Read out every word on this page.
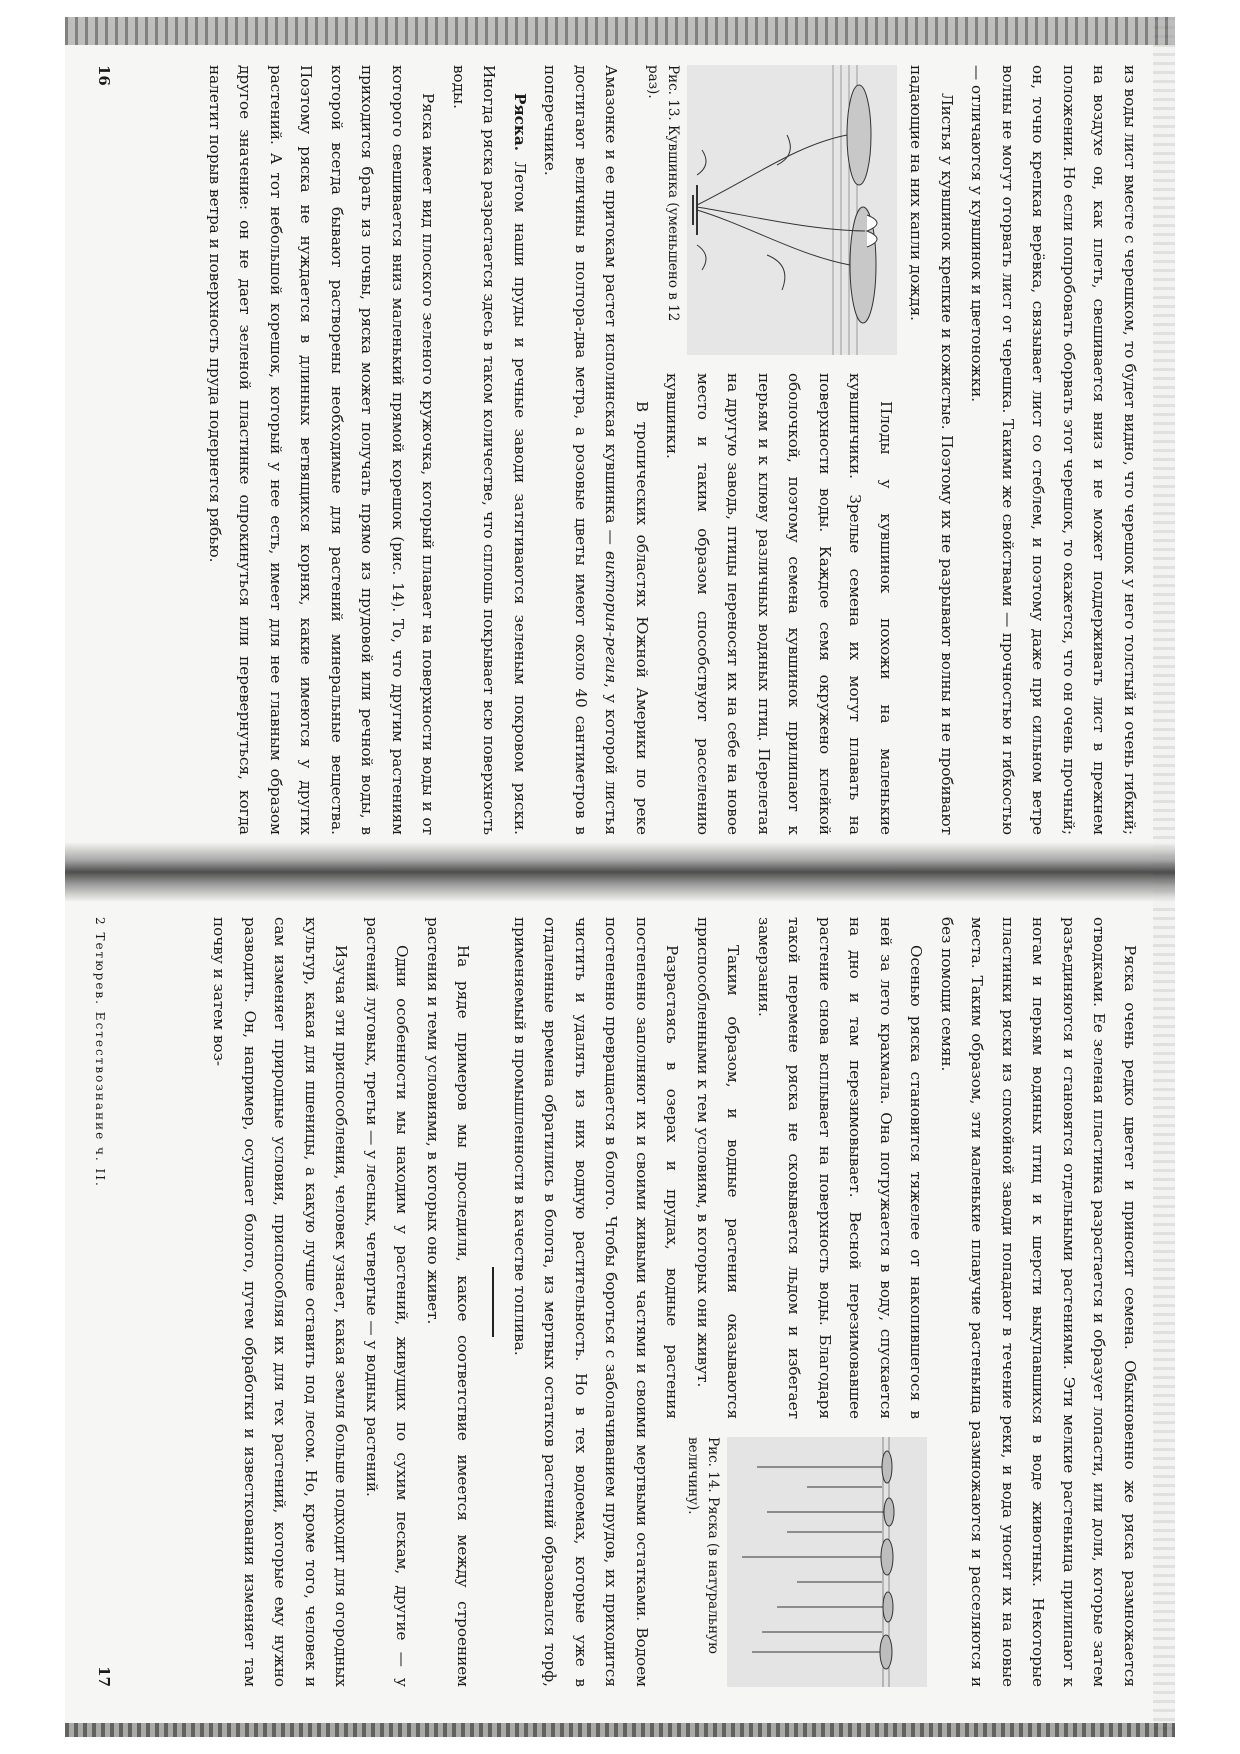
из воды лист вместе с черешком, то будет видно, что черешок у него толстый и очень гибкий; на воздухе он, как плеть, свешивается вниз и не может поддерживать лист в прежнем положении. Но если попробовать оборвать этот черешок, то окажется, что он очень прочный; он, точно крепкая верёвка, связывает лист со стеблем, и поэтому даже при сильном ветре волны не могут оторвать лист от черешка. Такими же свойствами — прочностью и гибкостью — отличаются у кувшинок и цветоножки.

Листья у кувшинок крепкие и кожистые. Поэтому их не разрывают волны и не пробивают падающие на них капли дождя.

Рис. 13. Кувшинка (уменьшено в 12 раз).

Плоды у кувшинок похожи на маленькие кувшинчики. Зрелые семена их могут плавать на поверхности воды. Каждое семя окружено клейкой оболочкой, поэтому семена кувшинок прилипают к перьям и к клюву различных водяных птиц. Перелетая на другую заводь, птицы переносят их на себе на новое место и таким образом способствуют расселению кувшинки.

В тропических областях Южной Америки по реке Амазонке и ее притокам растет исполинская кувшинка — виктория-регия, у которой листья достигают величины в полтора-два метра, а розовые цветы имеют около 40 сантиметров в поперечнике.

Ряска. Летом наши пруды и речные заводи затягиваются зеленым покровом ряски. Иногда ряска разрастается здесь в таком количестве, что сплошь покрывает всю поверхность воды.

Ряска имеет вид плоского зеленого кружочка, который плавает на поверхности воды и от которого свешивается вниз маленький прямой корешок (рис. 14). То, что другим растениям приходится брать из почвы, ряска может получать прямо из прудовой или речной воды, в которой всегда бывают растворены необходимые для растений минеральные вещества. Поэтому ряска не нуждается в длинных ветвящихся корнях, какие имеются у других растений. А тот небольшой корешок, который у нее есть, имеет для нее главным образом другое значение: он не дает зеленой пластинке опрокинуться или перевернуться, когда налетит порыв ветра и поверхность пруда подернется рябью.

16

Ряска очень редко цветет и приносит семена. Обыкновенно же ряска размножается отводками. Ее зеленая пластинка разрастается и образует лопасти, или доли, которые затем разъединяются и становятся отдельными растениями. Эти мелкие растеньица прилипают к ногам и перьям водяных птиц и к шерсти выкупавшихся в воде животных. Некоторые пластинки ряски из спокойной заводи попадают в течение реки, и вода уносит их на новые места. Таким образом, эти маленькие плавучие растеньица размножаются и расселяются и без помощи семян.

Рис. 14. Ряска (в натуральную величину).

Осенью ряска становится тяжелее от накопившегося в ней за лето крахмала. Она погружается в воду, спускается на дно и там перезимовывает. Весной перезимовавшее растение снова всплывает на поверхность воды. Благодаря такой перемене ряска не сковывается льдом и избегает замерзания.

Таким образом, и водные растения оказываются приспособленными к тем условиям, в которых они живут.

Разрастаясь в озерах и прудах, водные растения постепенно заполняют их и своими живыми частями и своими мертвыми остатками. Водоем постепенно превращается в болото. Чтобы бороться с заболачиванием прудов, их приходится чистить и удалять из них водную растительность. Но в тех водоемах, которые уже в отдаленные времена обратились в болота, из мертвых остатков растений образовался торф, применяемый в промышленности в качестве топлива.

На ряде примеров мы проследили, какое соответствие имеется между строением растения и теми условиями, в которых оно живет.

Одни особенности мы находим у растений, живущих по сухим пескам, другие — у растений луговых, третьи — у лесных, четвертые — у водных растений.

Изучая эти приспособления, человек узнает, какая земля больше подходит для огородных культур, какая для пшеницы, а какую лучше оставить под лесом. Но, кроме того, человек и сам изменяет природные условия, приспособляя их для тех растений, которые ему нужно разводить. Он, например, осушает болото, путем обработки и известкования изменяет там почву и затем воз-

2 Тетюрев. Естествознание ч. II.
17
